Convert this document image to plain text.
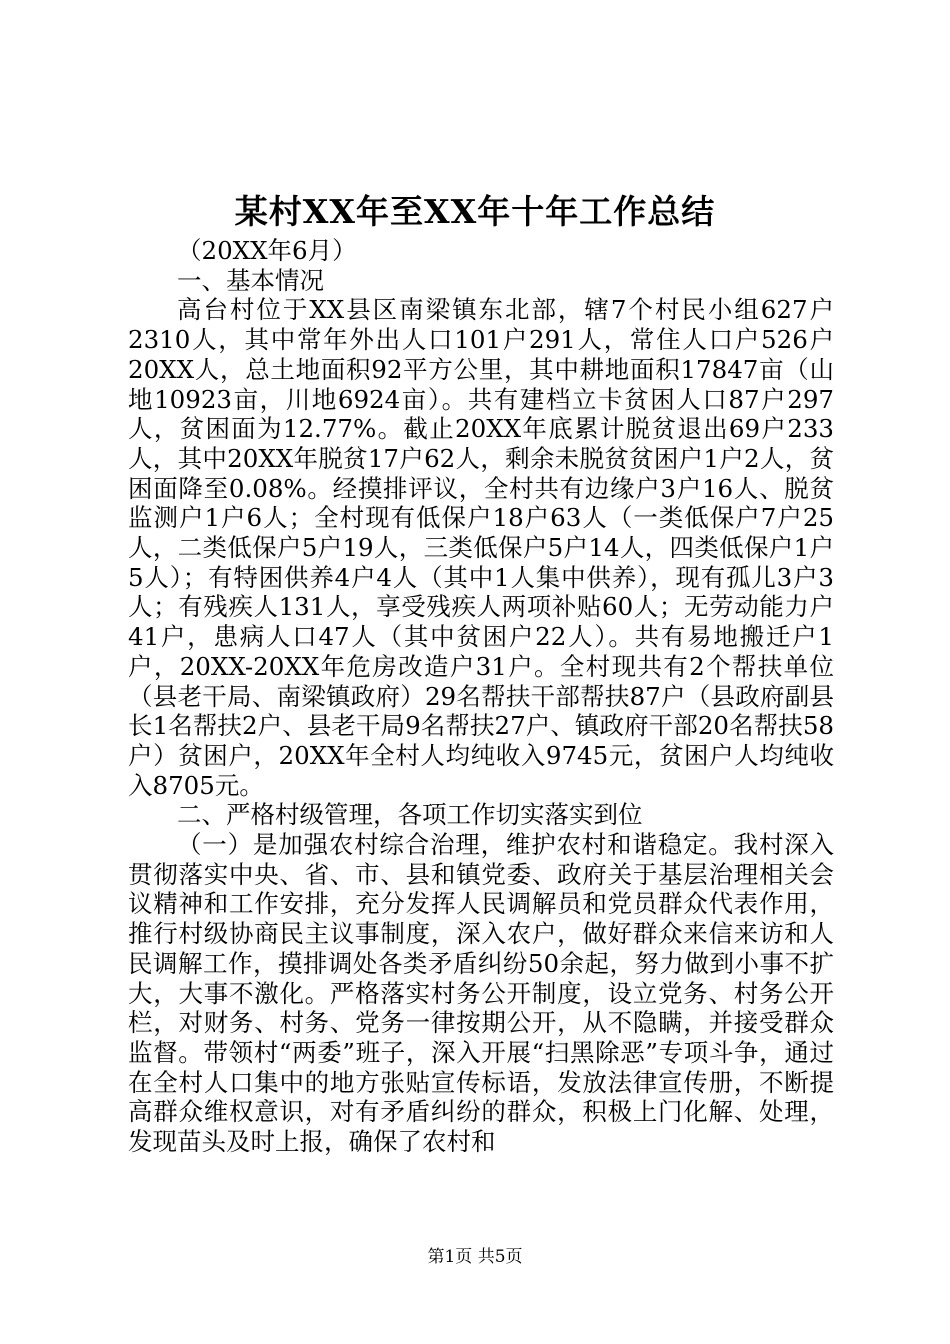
某村XX年至XX年十年工作总结

（20XX年6月）

一、基本情况

高台村位于XX县区南梁镇东北部，辖7个村民小组627户2310人，其中常年外出人口101户291人，常住人口户526户20XX人，总土地面积92平方公里，其中耕地面积17847亩（山地10923亩，川地6924亩）。共有建档立卡贫困人口87户297人，贫困面为12.77%。截止20XX年底累计脱贫退出69户233人，其中20XX年脱贫17户62人，剩余未脱贫贫困户1户2人，贫困面降至0.08%。经摸排评议，全村共有边缘户3户16人、脱贫监测户1户6人；全村现有低保户18户63人（一类低保户7户25人，二类低保户5户19人，三类低保户5户14人，四类低保户1户5人）；有特困供养4户4人（其中1人集中供养），现有孤儿3户3人；有残疾人131人，享受残疾人两项补贴60人；无劳动能力户41户，患病人口47人（其中贫困户22人）。共有易地搬迁户1户，20XX-20XX年危房改造户31户。全村现共有2个帮扶单位（县老干局、南梁镇政府）29名帮扶干部帮扶87户（县政府副县长1名帮扶2户、县老干局9名帮扶27户、镇政府干部20名帮扶58户）贫困户，20XX年全村人均纯收入9745元，贫困户人均纯收入8705元。

二、严格村级管理，各项工作切实落实到位

（一）是加强农村综合治理，维护农村和谐稳定。我村深入贯彻落实中央、省、市、县和镇党委、政府关于基层治理相关会议精神和工作安排，充分发挥人民调解员和党员群众代表作用，推行村级协商民主议事制度，深入农户，做好群众来信来访和人民调解工作，摸排调处各类矛盾纠纷50余起，努力做到小事不扩大，大事不激化。严格落实村务公开制度，设立党务、村务公开栏，对财务、村务、党务一律按期公开，从不隐瞒，并接受群众监督。带领村“两委”班子，深入开展“扫黑除恶”专项斗争，通过在全村人口集中的地方张贴宣传标语，发放法律宣传册，不断提高群众维权意识，对有矛盾纠纷的群众，积极上门化解、处理，发现苗头及时上报，确保了农村和

第1页 共5页
